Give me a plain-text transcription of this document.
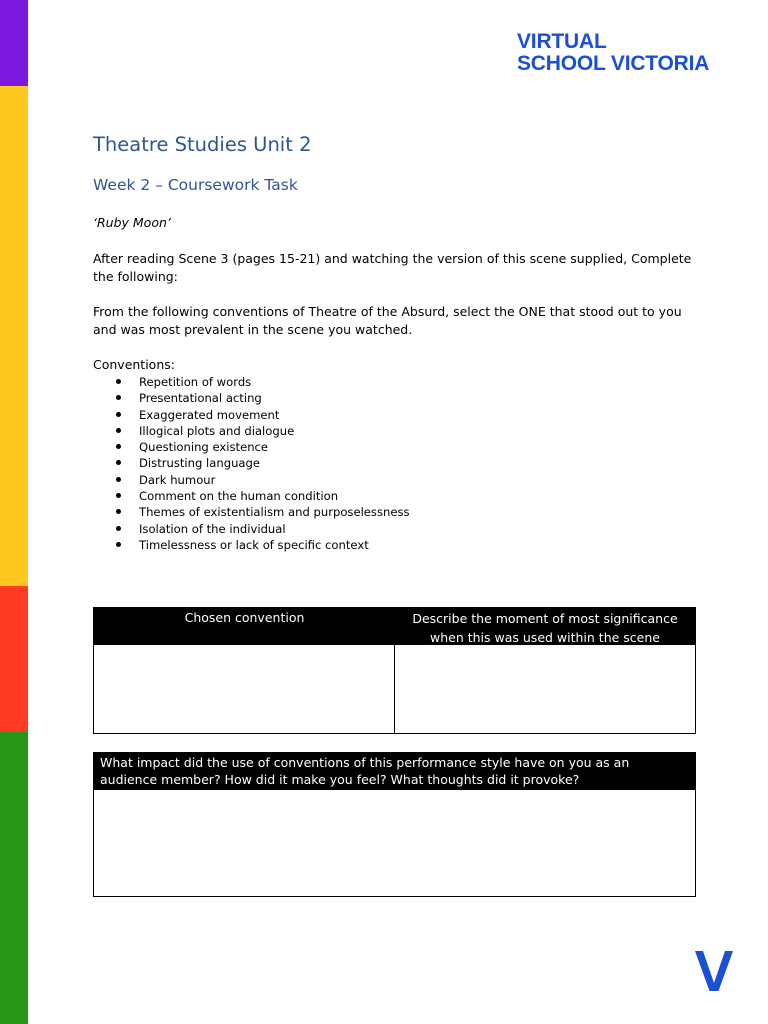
VIRTUAL
SCHOOL VICTORIA
Theatre Studies Unit 2
Week 2 – Coursework Task
‘Ruby Moon’
After reading Scene 3 (pages 15-21) and watching the version of this scene supplied, Complete the following:
From the following conventions of Theatre of the Absurd, select the ONE that stood out to you and was most prevalent in the scene you watched.
Conventions:
Repetition of words
Presentational acting
Exaggerated movement
Illogical plots and dialogue
Questioning existence
Distrusting language
Dark humour
Comment on the human condition
Themes of existentialism and purposelessness
Isolation of the individual
Timelessness or lack of specific context
Chosen convention	Describe the moment of most significance
when this was used within the scene
What impact did the use of conventions of this performance style have on you as an
audience member? How did it make you feel? What thoughts did it provoke?
